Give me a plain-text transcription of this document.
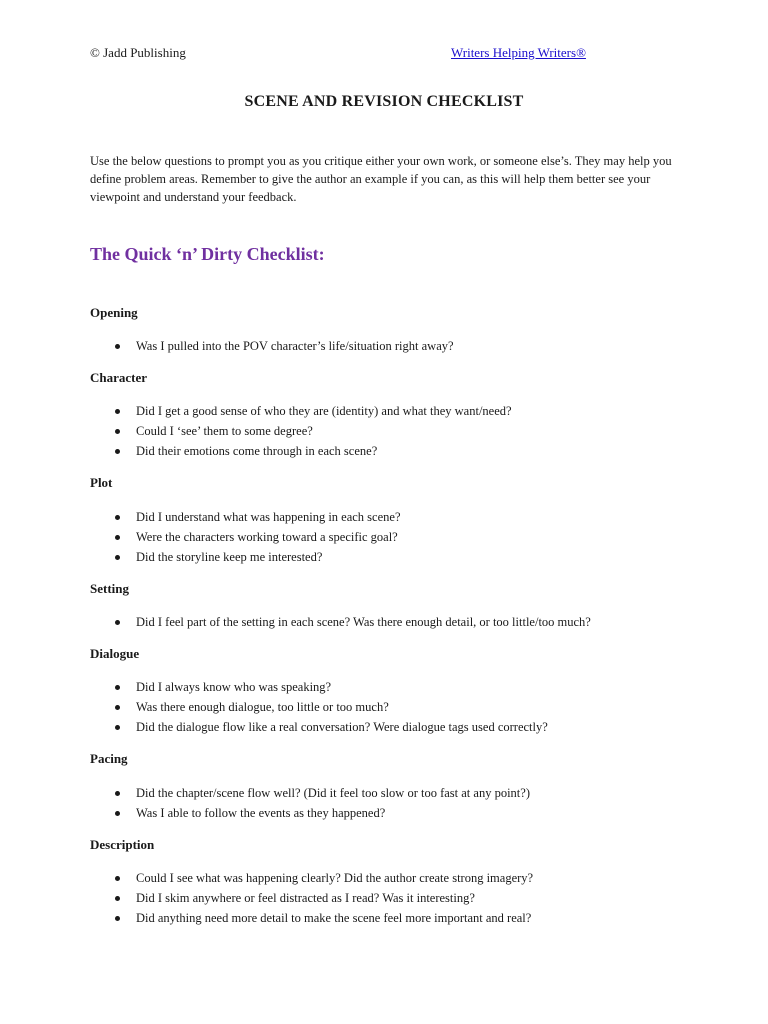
© Jadd Publishing	Writers Helping Writers®
SCENE AND REVISION CHECKLIST
Use the below questions to prompt you as you critique either your own work, or someone else’s. They may help you define problem areas. Remember to give the author an example if you can, as this will help them better see your viewpoint and understand your feedback.
The Quick ‘n’ Dirty Checklist:
Opening
Was I pulled into the POV character’s life/situation right away?
Character
Did I get a good sense of who they are (identity) and what they want/need?
Could I ‘see’ them to some degree?
Did their emotions come through in each scene?
Plot
Did I understand what was happening in each scene?
Were the characters working toward a specific goal?
Did the storyline keep me interested?
Setting
Did I feel part of the setting in each scene? Was there enough detail, or too little/too much?
Dialogue
Did I always know who was speaking?
Was there enough dialogue, too little or too much?
Did the dialogue flow like a real conversation? Were dialogue tags used correctly?
Pacing
Did the chapter/scene flow well? (Did it feel too slow or too fast at any point?)
Was I able to follow the events as they happened?
Description
Could I see what was happening clearly? Did the author create strong imagery?
Did I skim anywhere or feel distracted as I read? Was it interesting?
Did anything need more detail to make the scene feel more important and real?
